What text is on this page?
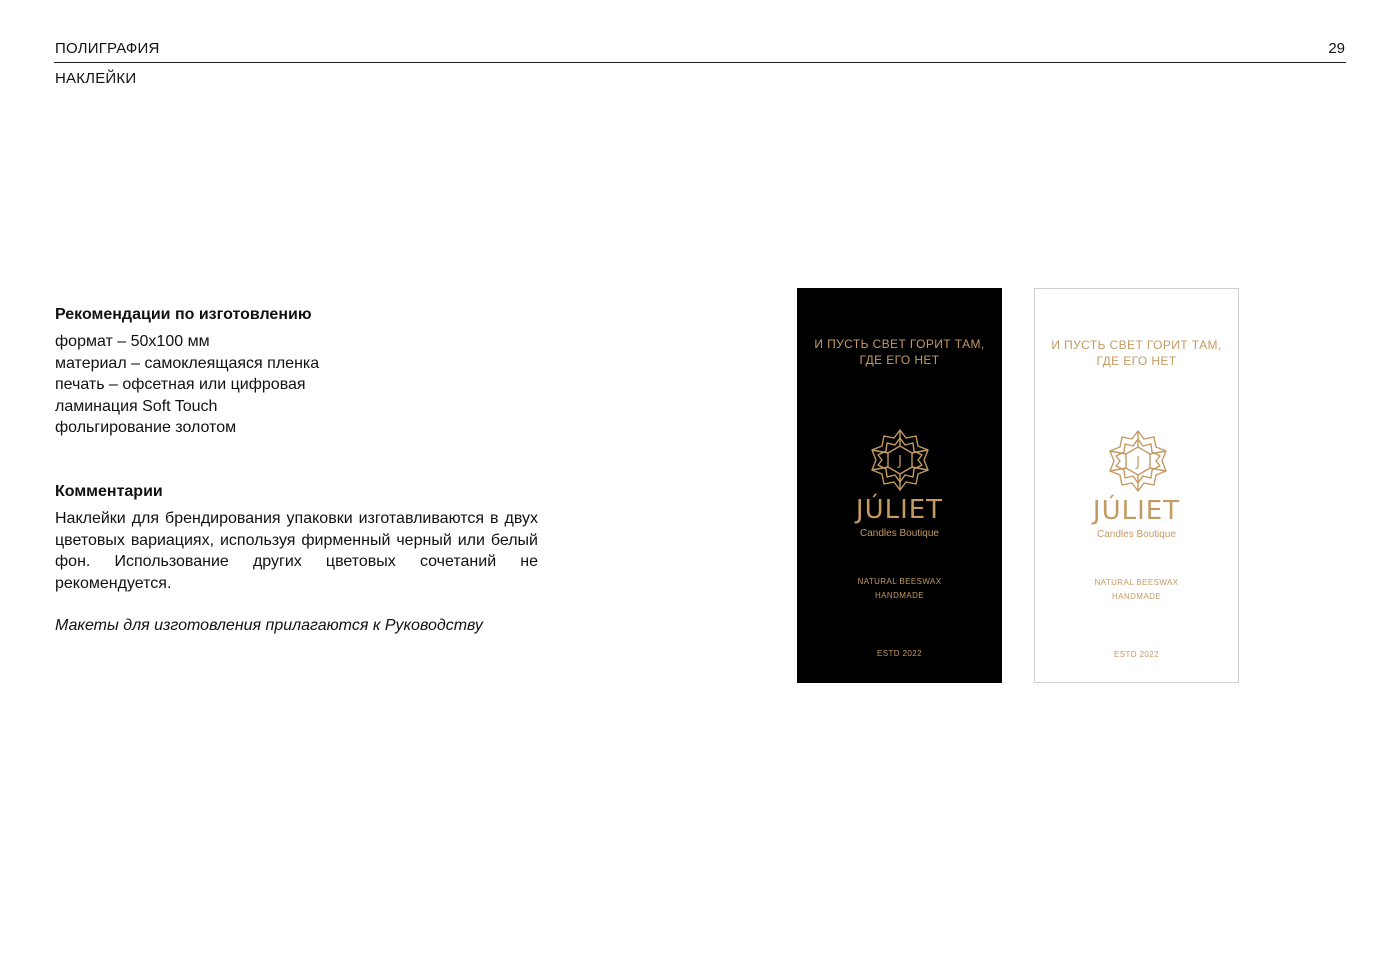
ПОЛИГРАФИЯ	29
НАКЛЕЙКИ
Рекомендации по изготовлению
формат – 50x100 мм
материал – самоклеящаяся пленка
печать – офсетная или цифровая
ламинация Soft Touch
фольгирование золотом
Комментарии

Наклейки для брендирования упаковки изготавливаются в двух цветовых вариациях, используя фирменный черный или белый фон. Использование других цветовых сочетаний не рекомендуется.

Макеты для изготовления прилагаются к Руководству

И ПУСТЬ СВЕТ ГОРИТ ТАМ, ГДЕ ЕГО НЕТ
J
JÚLIET
Candles Boutique
NATURAL BEESWAX
HANDMADE
ESTD 2022
И ПУСТЬ СВЕТ ГОРИТ ТАМ, ГДЕ ЕГО НЕТ
J
JÚLIET
Candles Boutique
NATURAL BEESWAX
HANDMADE
ESTD 2022
